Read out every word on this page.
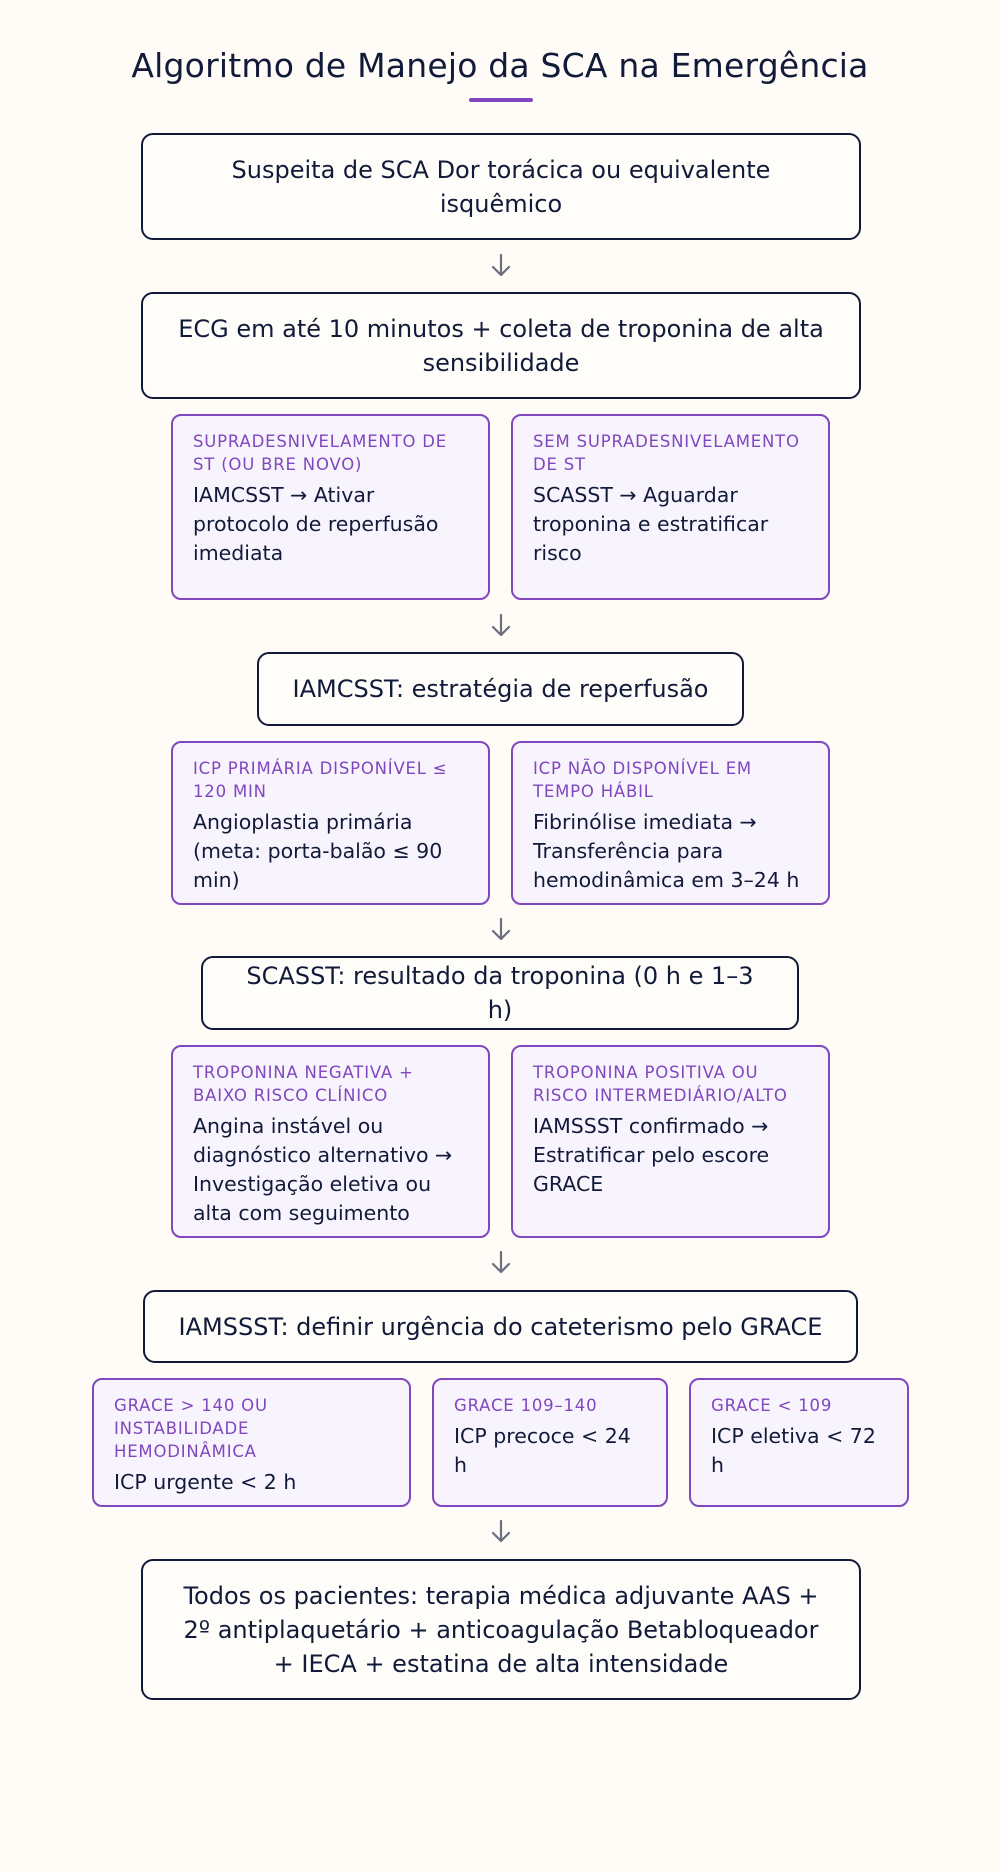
Algoritmo de Manejo da SCA na Emergência
Suspeita de SCA Dor torácica ou equivalente isquêmico
ECG em até 10 minutos + coleta de troponina de alta sensibilidade
SUPRADESNIVELAMENTO DE ST (OU BRE NOVO)
IAMCSST → Ativar protocolo de reperfusão imediata
SEM SUPRADESNIVELAMENTO DE ST
SCASST → Aguardar troponina e estratificar risco
IAMCSST: estratégia de reperfusão
ICP PRIMÁRIA DISPONÍVEL ≤ 120 MIN
Angioplastia primária (meta: porta-balão ≤ 90 min)
ICP NÃO DISPONÍVEL EM TEMPO HÁBIL
Fibrinólise imediata → Transferência para hemodinâmica em 3–24 h
SCASST: resultado da troponina (0 h e 1–3 h)
TROPONINA NEGATIVA + BAIXO RISCO CLÍNICO
Angina instável ou diagnóstico alternativo → Investigação eletiva ou alta com seguimento
TROPONINA POSITIVA OU RISCO INTERMEDIÁRIO/ALTO
IAMSSST confirmado → Estratificar pelo escore GRACE
IAMSSST: definir urgência do cateterismo pelo GRACE
GRACE > 140 OU INSTABILIDADE HEMODINÂMICA
ICP urgente < 2 h
GRACE 109–140
ICP precoce < 24 h
GRACE < 109
ICP eletiva < 72 h
Todos os pacientes: terapia médica adjuvante AAS + 2º antiplaquetário + anticoagulação Betabloqueador + IECA + estatina de alta intensidade
